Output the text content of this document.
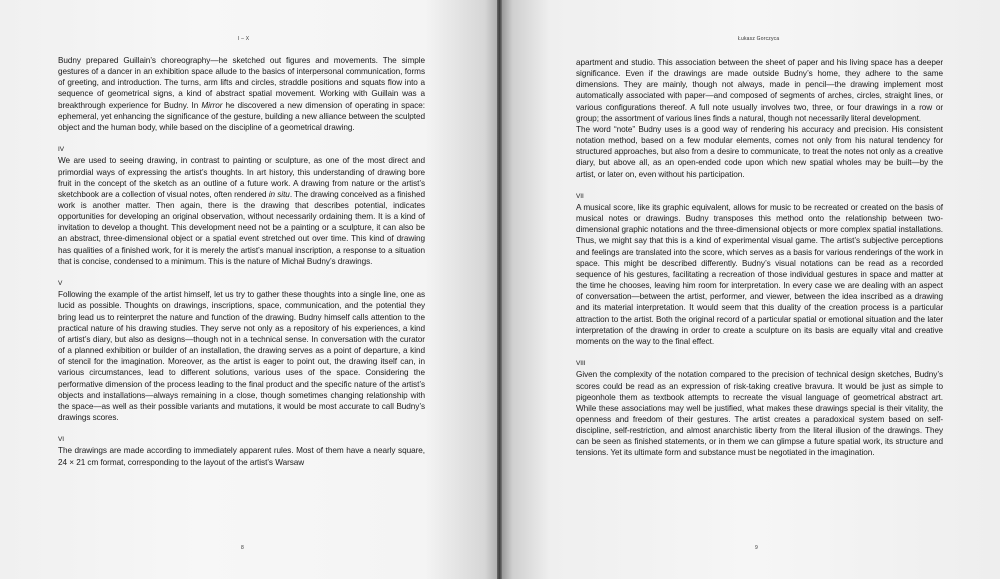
I – X

Budny prepared Guillain’s choreography—he sketched out figures and movements. The simple gestures of a dancer in an exhibition space allude to the basics of interpersonal communication, forms of greeting, and introduction. The turns, arm lifts and circles, straddle positions and squats flow into a sequence of geometrical signs, a kind of abstract spatial movement. Working with Guillain was a breakthrough experience for Budny. In Mirror he discovered a new dimension of operating in space: ephemeral, yet enhancing the significance of the gesture, building a new alliance between the sculpted object and the human body, while based on the discipline of a geometrical drawing.

IV

We are used to seeing drawing, in contrast to painting or sculpture, as one of the most direct and primordial ways of expressing the artist’s thoughts. In art history, this understanding of drawing bore fruit in the concept of the sketch as an outline of a future work. A drawing from nature or the artist’s sketchbook are a collection of visual notes, often rendered in situ. The drawing conceived as a finished work is another matter. Then again, there is the drawing that describes potential, indicates opportunities for developing an original observation, without necessarily ordaining them. It is a kind of invitation to develop a thought. This development need not be a painting or a sculpture, it can also be an abstract, three-dimensional object or a spatial event stretched out over time. This kind of drawing has qualities of a finished work, for it is merely the artist’s manual inscription, a response to a situation that is concise, condensed to a minimum. This is the nature of Michał Budny’s drawings.

V

Following the example of the artist himself, let us try to gather these thoughts into a single line, one as lucid as possible. Thoughts on drawings, inscriptions, space, communication, and the potential they bring lead us to reinterpret the nature and function of the drawing. Budny himself calls attention to the practical nature of his drawing studies. They serve not only as a repository of his experiences, a kind of artist’s diary, but also as designs—though not in a technical sense. In conversation with the curator of a planned exhibition or builder of an installation, the drawing serves as a point of departure, a kind of stencil for the imagination. Moreover, as the artist is eager to point out, the drawing itself can, in various circumstances, lead to different solutions, various uses of the space. Considering the performative dimension of the process leading to the final product and the specific nature of the artist’s objects and installations—always remaining in a close, though sometimes changing relationship with the space—as well as their possible variants and mutations, it would be most accurate to call Budny’s drawings scores.

VI

The drawings are made according to immediately apparent rules. Most of them have a nearly square, 24 × 21 cm format, corresponding to the layout of the artist’s Warsaw

8
Łukasz Gorczyca

apartment and studio. This association between the sheet of paper and his living space has a deeper significance. Even if the drawings are made outside Budny’s home, they adhere to the same dimensions. They are mainly, though not always, made in pencil—the drawing implement most automatically associated with paper—and composed of segments of arches, circles, straight lines, or various configurations thereof. A full note usually involves two, three, or four drawings in a row or group; the assortment of various lines finds a natural, though not necessarily literal development.

The word “note” Budny uses is a good way of rendering his accuracy and precision. His consistent notation method, based on a few modular elements, comes not only from his natural tendency for structured approaches, but also from a desire to communicate, to treat the notes not only as a creative diary, but above all, as an open-ended code upon which new spatial wholes may be built—by the artist, or later on, even without his participation.

VII

A musical score, like its graphic equivalent, allows for music to be recreated or created on the basis of musical notes or drawings. Budny transposes this method onto the relationship between two-dimensional graphic notations and the three-dimensional objects or more complex spatial installations. Thus, we might say that this is a kind of experimental visual game. The artist’s subjective perceptions and feelings are translated into the score, which serves as a basis for various renderings of the work in space. This might be described differently. Budny’s visual notations can be read as a recorded sequence of his gestures, facilitating a recreation of those individual gestures in space and matter at the time he chooses, leaving him room for interpretation. In every case we are dealing with an aspect of conversation—between the artist, performer, and viewer, between the idea inscribed as a drawing and its material interpretation. It would seem that this duality of the creation process is a particular attraction to the artist. Both the original record of a particular spatial or emotional situation and the later interpretation of the drawing in order to create a sculpture on its basis are equally vital and creative moments on the way to the final effect.

VIII

Given the complexity of the notation compared to the precision of technical design sketches, Budny’s scores could be read as an expression of risk-taking creative bravura. It would be just as simple to pigeonhole them as textbook attempts to recreate the visual language of geometrical abstract art. While these associations may well be justified, what makes these drawings special is their vitality, the openness and freedom of their gestures. The artist creates a paradoxical system based on self-discipline, self-restriction, and almost anarchistic liberty from the literal illusion of the drawings. They can be seen as finished statements, or in them we can glimpse a future spatial work, its structure and tensions. Yet its ultimate form and substance must be negotiated in the imagination.

9
